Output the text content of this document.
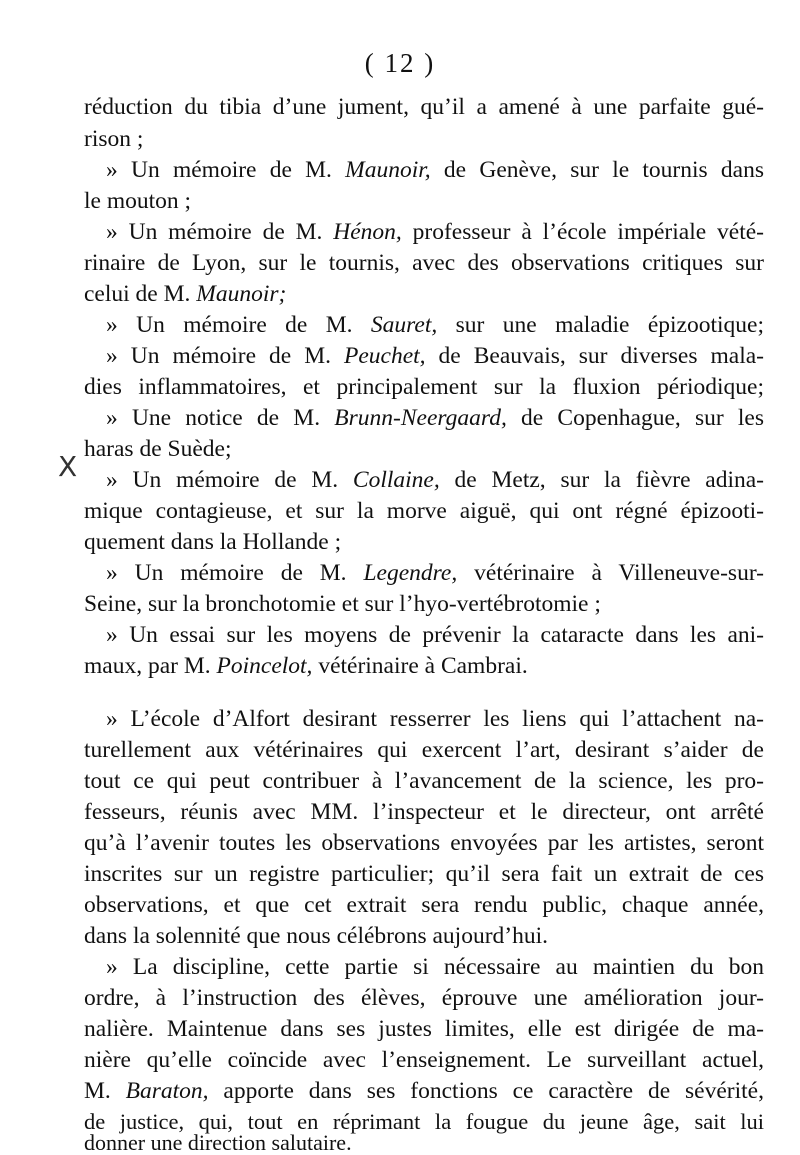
( 12 )
X
réduction du tibia d’une jument, qu’il a amené à une parfaite gué-
rison ;
» Un mémoire de M. Maunoir, de Genève, sur le tournis dans
le mouton ;
» Un mémoire de M. Hénon, professeur à l’école impériale vété-
rinaire de Lyon, sur le tournis, avec des observations critiques sur
celui de M. Maunoir;
» Un mémoire de M. Sauret, sur une maladie épizootique;
» Un mémoire de M. Peuchet, de Beauvais, sur diverses mala-
dies inflammatoires, et principalement sur la fluxion périodique;
» Une notice de M. Brunn-Neergaard, de Copenhague, sur les
haras de Suède;
» Un mémoire de M. Collaine, de Metz, sur la fièvre adina-
mique contagieuse, et sur la morve aiguë, qui ont régné épizooti-
quement dans la Hollande ;
» Un mémoire de M. Legendre, vétérinaire à Villeneuve-sur-
Seine, sur la bronchotomie et sur l’hyo-vertébrotomie ;
» Un essai sur les moyens de prévenir la cataracte dans les ani-
maux, par M. Poincelot, vétérinaire à Cambrai.
» L’école d’Alfort desirant resserrer les liens qui l’attachent na-
turellement aux vétérinaires qui exercent l’art, desirant s’aider de
tout ce qui peut contribuer à l’avancement de la science, les pro-
fesseurs, réunis avec MM. l’inspecteur et le directeur, ont arrêté
qu’à l’avenir toutes les observations envoyées par les artistes, seront
inscrites sur un registre particulier; qu’il sera fait un extrait de ces
observations, et que cet extrait sera rendu public, chaque année,
dans la solennité que nous célébrons aujourd’hui.
» La discipline, cette partie si nécessaire au maintien du bon
ordre, à l’instruction des élèves, éprouve une amélioration jour-
nalière. Maintenue dans ses justes limites, elle est dirigée de ma-
nière qu’elle coïncide avec l’enseignement. Le surveillant actuel,
M. Baraton, apporte dans ses fonctions ce caractère de sévérité,
de justice, qui, tout en réprimant la fougue du jeune âge, sait lui
donner une direction salutaire.
